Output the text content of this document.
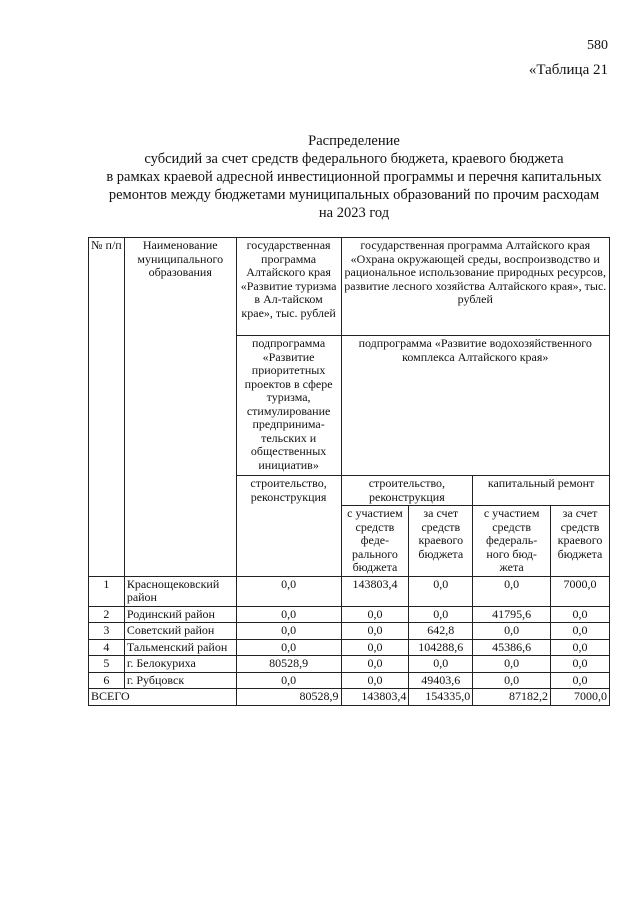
580
«Таблица 21
Распределение
субсидий за счет средств федерального бюджета, краевого бюджета
в рамках краевой адресной инвестиционной программы и перечня капитальных
ремонтов между бюджетами муниципальных образований по прочим расходам
на 2023 год
№ п/п	Наименование муниципального образования	государственная программа Алтайского края «Развитие туризма в Ал-тайском крае», тыс. рублей	государственная программа Алтайского края «Охрана окружающей среды, воспроизводство и рациональное использование природных ресурсов, развитие лесного хозяйства Алтайского края», тыс. рублей			
		подпрограмма «Развитие приоритетных проектов в сфере туризма, стимулирование предпринима-тельских и общественных инициатив»	подпрограмма «Развитие водохозяйственного комплекса Алтайского края»			
		строительство, реконструкция	строительство, реконструкция		капитальный ремонт	
			с участием средств феде-рального бюджета	за счет средств краевого бюджета	с участием средств федераль-ного бюд-жета	за счет средств краевого бюджета
1	Краснощековский район	0,0	143803,4	0,0	0,0	7000,0
2	Родинский район	0,0	0,0	0,0	41795,6	0,0
3	Советский район	0,0	0,0	642,8	0,0	0,0
4	Тальменский район	0,0	0,0	104288,6	45386,6	0,0
5	г. Белокуриха	80528,9	0,0	0,0	0,0	0,0
6	г. Рубцовск	0,0	0,0	49403,6	0,0	0,0
ВСЕГО		80528,9	143803,4	154335,0	87182,2	7000,0
